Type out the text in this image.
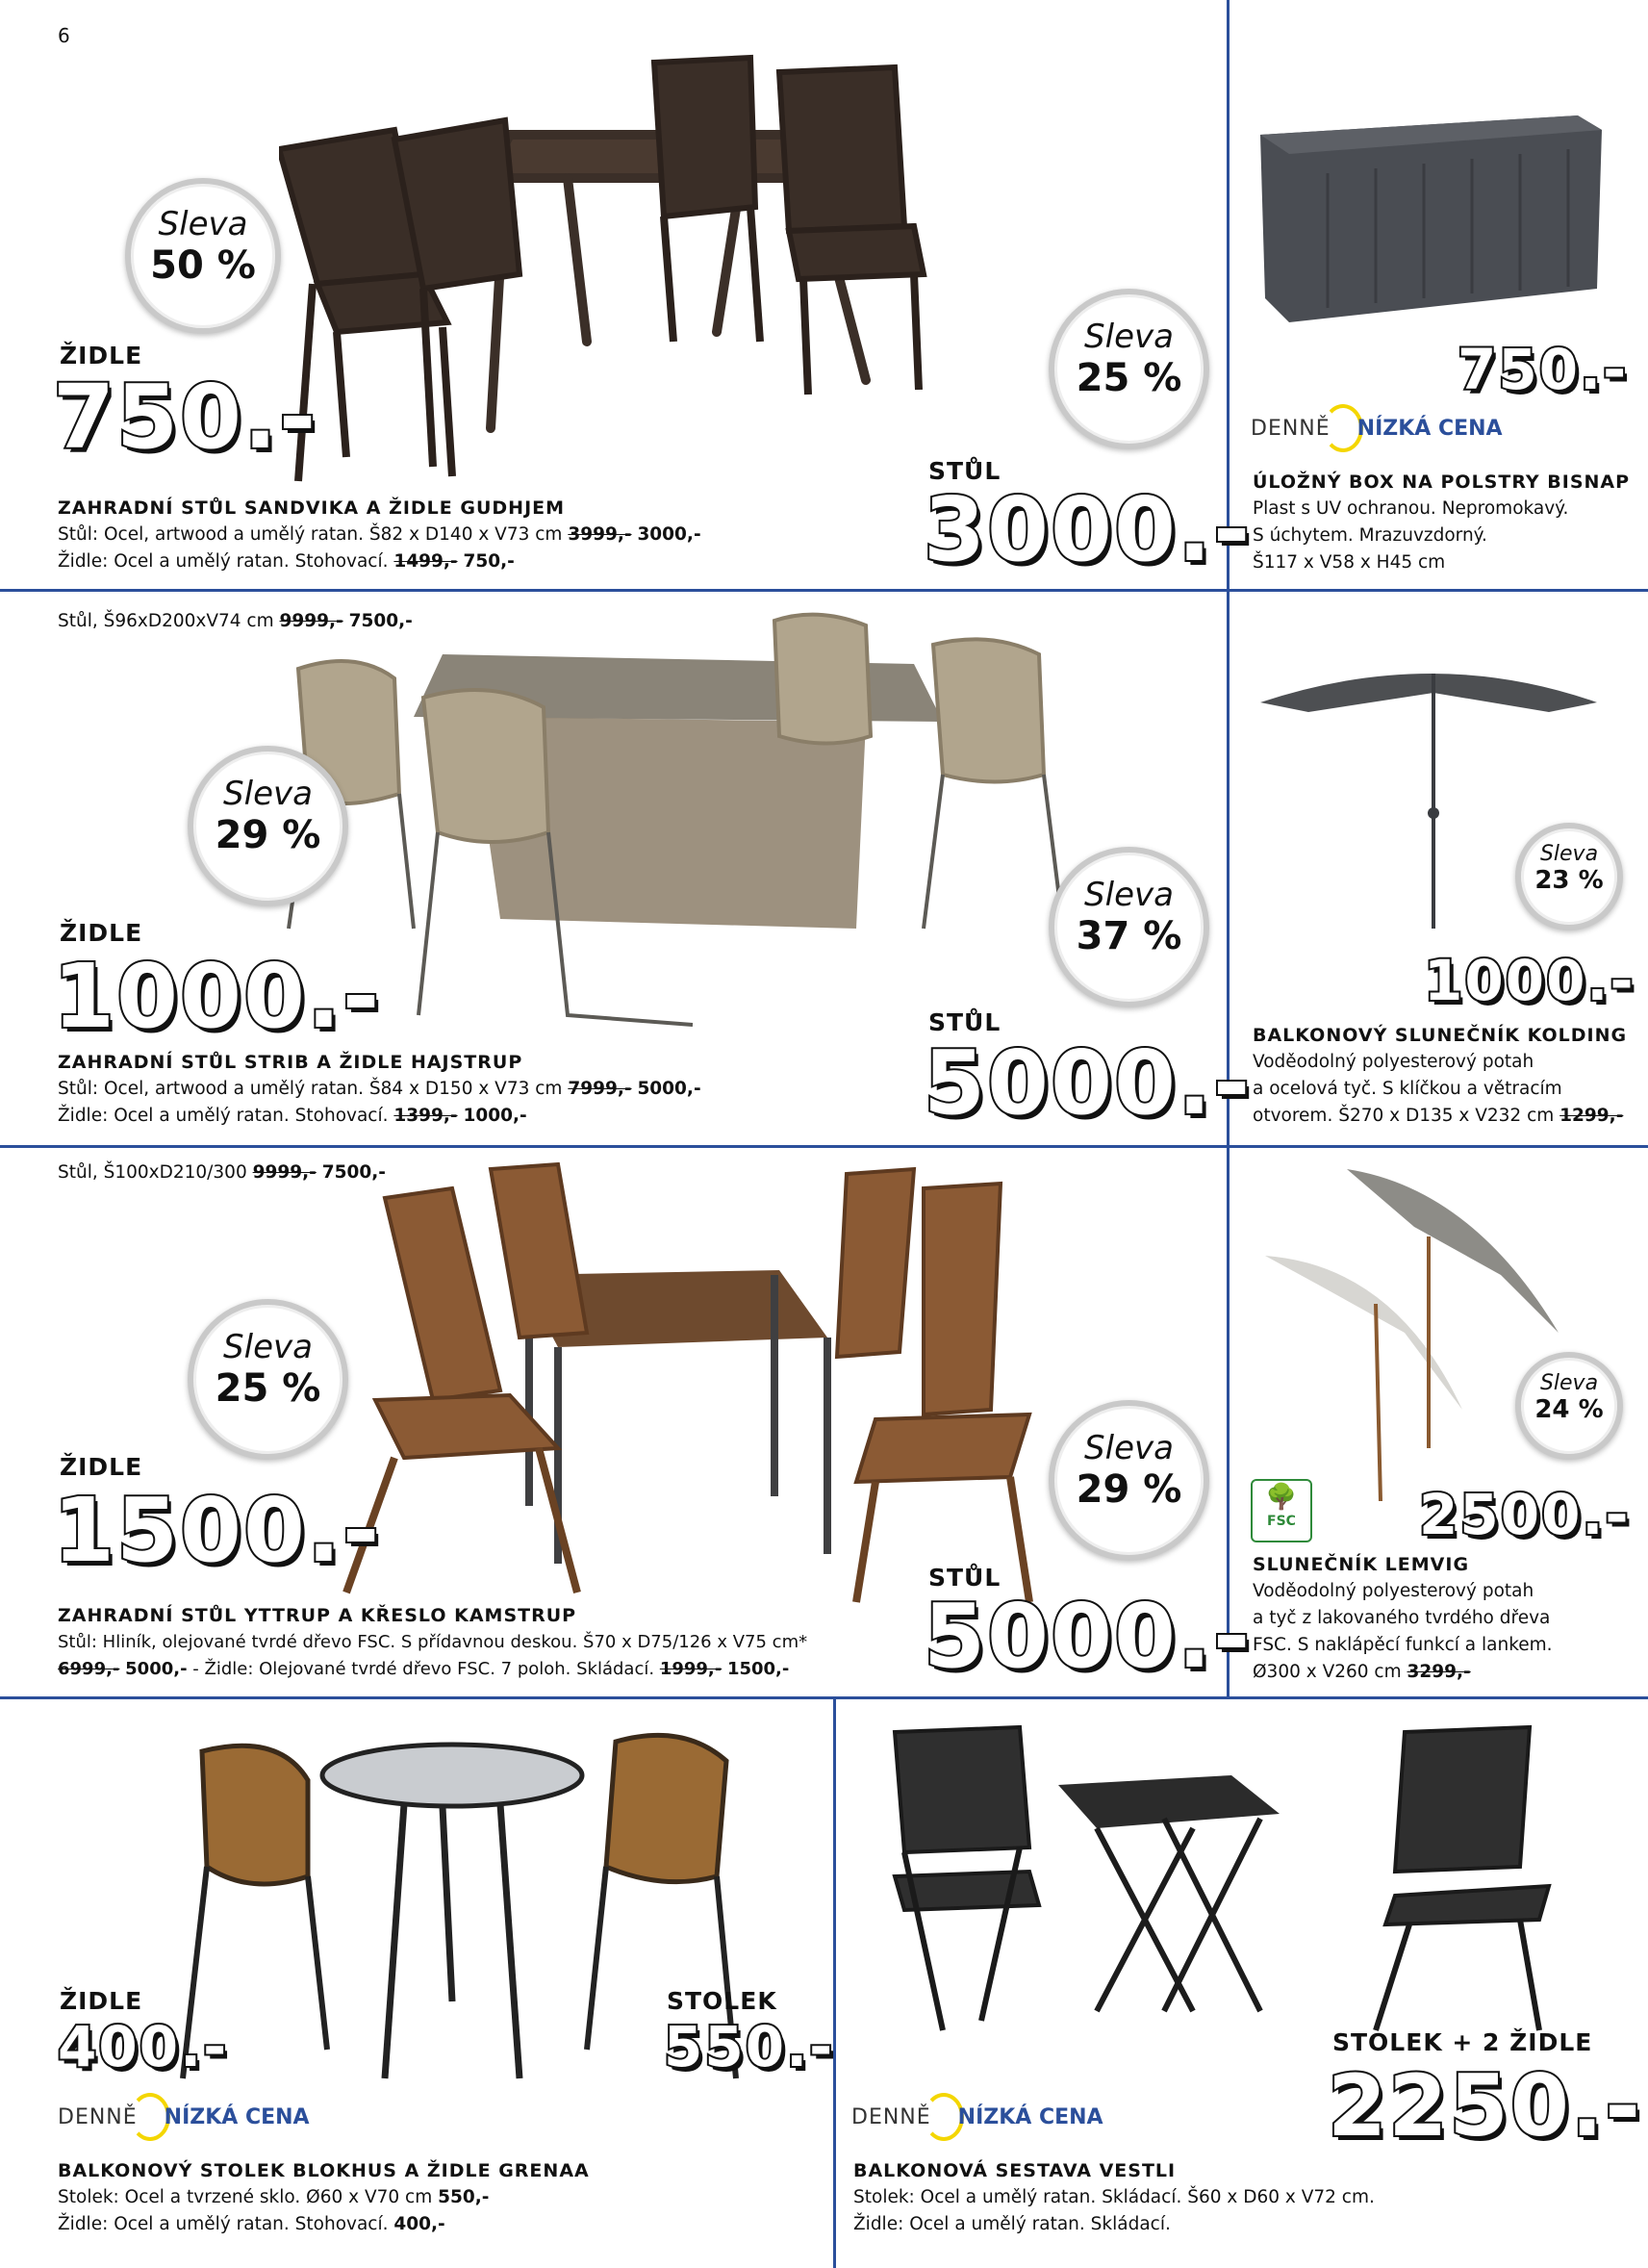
6
Sleva
50 %
Sleva
25 %
ŽIDLE
750.-
STŮL
3000.-
ZAHRADNÍ STŮL SANDVIKA A ŽIDLE GUDHJEM
Stůl: Ocel, artwood a umělý ratan. Š82 x D140 x V73 cm 3999,- 3000,-
Židle: Ocel a umělý ratan. Stohovací. 1499,- 750,-
750.-
DENNĚ NÍZKÁ CENA
ÚLOŽNÝ BOX NA POLSTRY BISNAP
Plast s UV ochranou. Nepromokavý.
S úchytem. Mrazuvzdorný.
Š117 x V58 x H45 cm
Stůl, Š96xD200xV74 cm 9999,- 7500,-
Sleva
29 %
Sleva
37 %
ŽIDLE
1000.-	STŮL
5000.-
ZAHRADNÍ STŮL STRIB A ŽIDLE HAJSTRUP
Stůl: Ocel, artwood a umělý ratan. Š84 x D150 x V73 cm 7999,- 5000,-
Židle: Ocel a umělý ratan. Stohovací. 1399,- 1000,-
Sleva
23 %
1000.-
BALKONOVÝ SLUNEČNÍK KOLDING
Voděodolný polyesterový potah
a ocelová tyč. S klíčkou a větracím
otvorem. Š270 x D135 x V232 cm 1299,-
Stůl, Š100xD210/300 9999,- 7500,-
Sleva
25 %
Sleva
29 %
ŽIDLE
1500.-	STŮL
5000.-
ZAHRADNÍ STŮL YTTRUP A KŘESLO KAMSTRUP
Stůl: Hliník, olejované tvrdé dřevo FSC. S přídavnou deskou. Š70 x D75/126 x V75 cm*
6999,- 5000,- - Židle: Olejované tvrdé dřevo FSC. 7 poloh. Skládací. 1999,- 1500,-
Sleva
24 %
🌳
FSC 2500.-
SLUNEČNÍK LEMVIG
Voděodolný polyesterový potah
a tyč z lakovaného tvrdého dřeva
FSC. S naklápěcí funkcí a lankem.
Ø300 x V260 cm 3299,-
ŽIDLE
400.-
STOLEK
550.-
DENNĚ NÍZKÁ CENA
BALKONOVÝ STOLEK BLOKHUS A ŽIDLE GRENAA
Stolek: Ocel a tvrzené sklo. Ø60 x V70 cm 550,-
Židle: Ocel a umělý ratan. Stohovací. 400,-
STOLEK + 2 ŽIDLE
2250.-
DENNĚ NÍZKÁ CENA
BALKONOVÁ SESTAVA VESTLI
Stolek: Ocel a umělý ratan. Skládací. Š60 x D60 x V72 cm.
Židle: Ocel a umělý ratan. Skládací.
